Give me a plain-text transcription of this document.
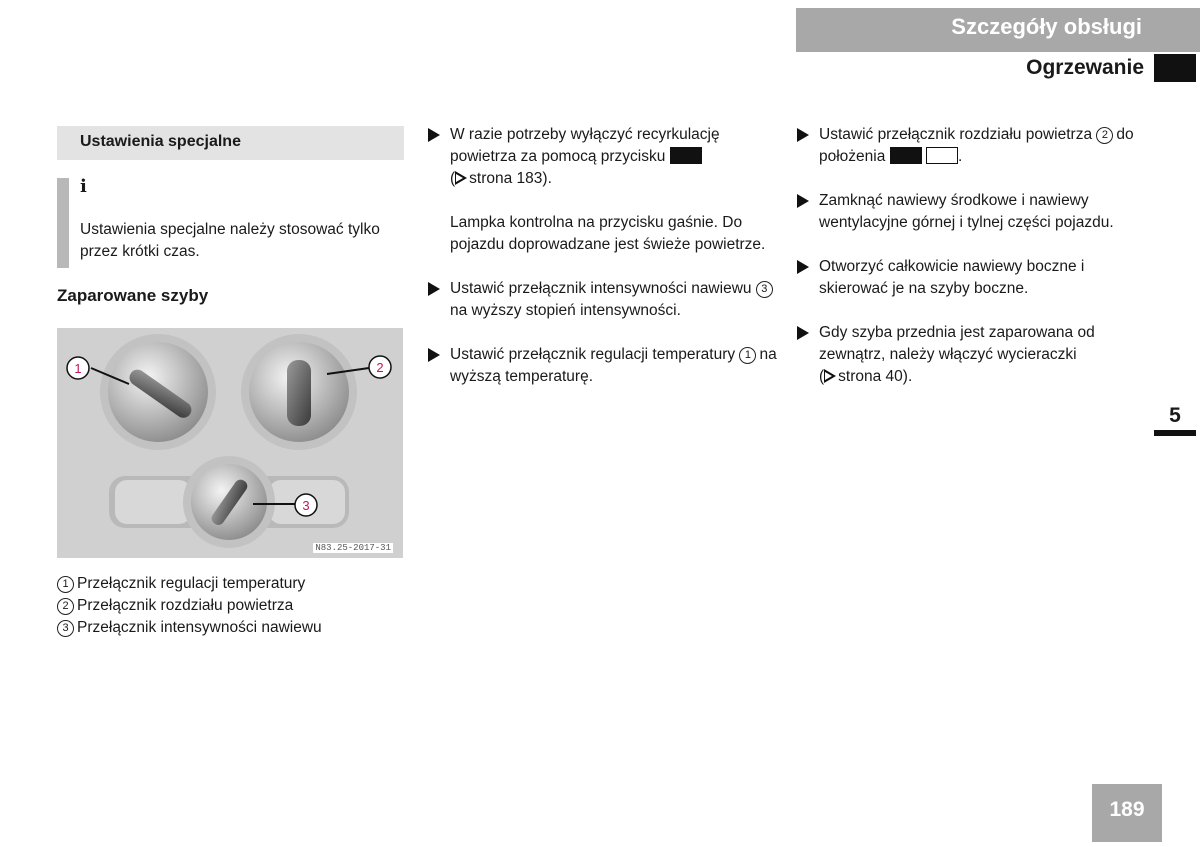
Szczegóły obsługi
Ogrzewanie
5
189
Ustawienia specjalne
i
Ustawienia specjalne należy stosować tylko przez krótki czas.
Zaparowane szyby
1	2
3
N83.25-2017-31
1 Przełącznik regulacji temperatury
2 Przełącznik rozdziału powietrza
3 Przełącznik intensywności nawiewu
W razie potrzeby wyłączyć recyrkulację powietrza za pomocą przycisku
( strona 183).
Lampka kontrolna na przycisku gaśnie. Do pojazdu doprowadzane jest świeże powietrze.
Ustawić przełącznik intensywności nawiewu 3na wyższy stopień intensywności.
Ustawić przełącznik regulacji temperatury 1 na wyższą temperaturę.
Ustawić przełącznik rozdziału powietrza 2 do położenia	.
Zamknąć nawiewy środkowe i nawiewy wentylacyjne górnej i tylnej części pojazdu.
Otworzyć całkowicie nawiewy boczne i skierować je na szyby boczne.
Gdy szyba przednia jest zaparowana od zewnątrz, należy włączyć wycieraczki
( strona 40).
